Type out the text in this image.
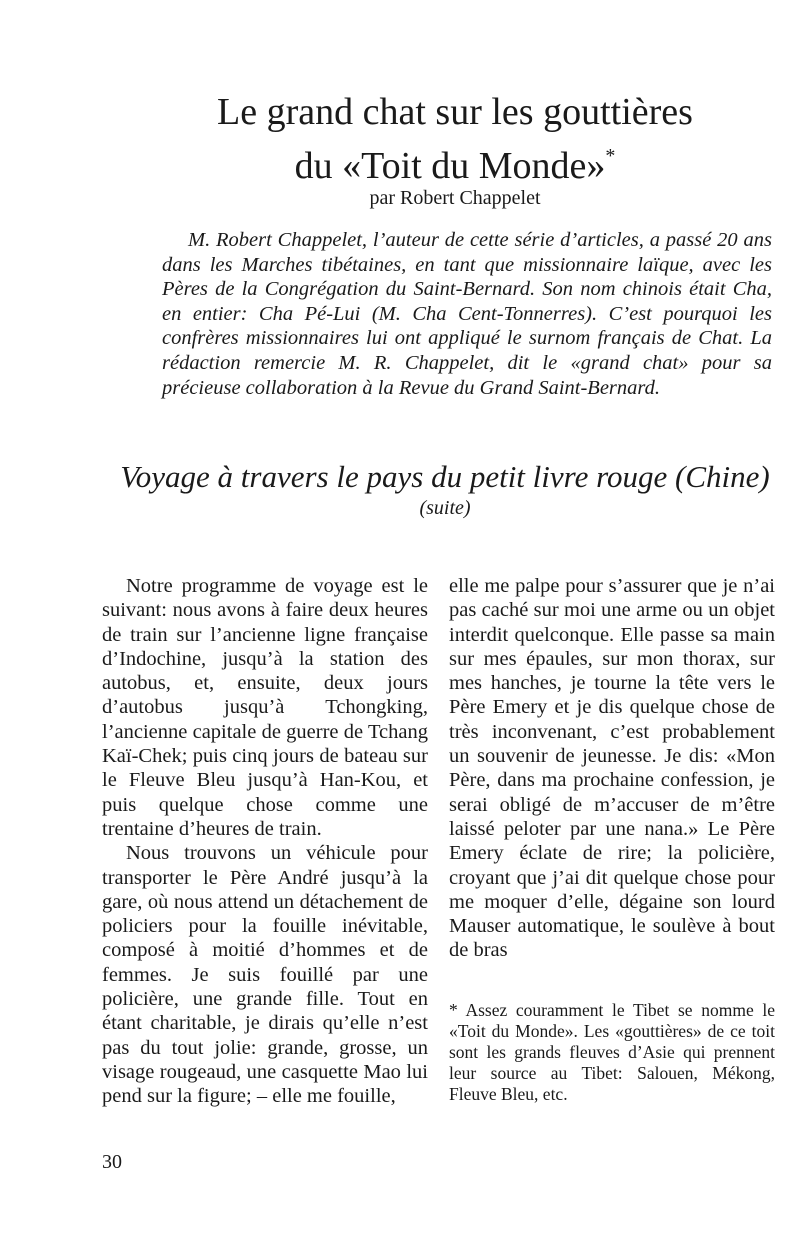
Le grand chat sur les gouttières
du «Toit du Monde»*
par Robert Chappelet

M. Robert Chappelet, l’auteur de cette série d’articles, a passé 20 ans dans les Marches tibétaines, en tant que missionnaire laïque, avec les Pères de la Congrégation du Saint-Bernard. Son nom chinois était Cha, en entier: Cha Pé-Lui (M. Cha Cent-Tonnerres). C’est pourquoi les confrères missionnaires lui ont appliqué le surnom français de Chat. La rédaction remercie M. R. Chappelet, dit le «grand chat» pour sa précieuse collaboration à la Revue du Grand Saint-Bernard.

Voyage à travers le pays du petit livre rouge (Chine)
(suite)

Notre programme de voyage est le suivant: nous avons à faire deux heures de train sur l’ancienne ligne française d’Indochine, jusqu’à la station des autobus, et, ensuite, deux jours d’autobus jusqu’à Tchongking, l’ancienne capitale de guerre de Tchang Kaï-Chek; puis cinq jours de bateau sur le Fleuve Bleu jusqu’à Han-Kou, et puis quelque chose comme une trentaine d’heures de train.

Nous trouvons un véhicule pour transporter le Père André jusqu’à la gare, où nous attend un détachement de policiers pour la fouille inévitable, composé à moitié d’hommes et de femmes. Je suis fouillé par une policière, une grande fille. Tout en étant charitable, je dirais qu’elle n’est pas du tout jolie: grande, grosse, un visage rougeaud, une casquette Mao lui pend sur la figure; – elle me fouille,

elle me palpe pour s’assurer que je n’ai pas caché sur moi une arme ou un objet interdit quelconque. Elle passe sa main sur mes épaules, sur mon thorax, sur mes hanches, je tourne la tête vers le Père Emery et je dis quelque chose de très inconvenant, c’est probablement un souvenir de jeunesse. Je dis: «Mon Père, dans ma prochaine confession, je serai obligé de m’accuser de m’être laissé peloter par une nana.» Le Père Emery éclate de rire; la policière, croyant que j’ai dit quelque chose pour me moquer d’elle, dégaine son lourd Mauser automatique, le soulève à bout de bras

* Assez couramment le Tibet se nomme le «Toit du Monde». Les «gouttières» de ce toit sont les grands fleuves d’Asie qui prennent leur source au Tibet: Salouen, Mékong, Fleuve Bleu, etc.

30
